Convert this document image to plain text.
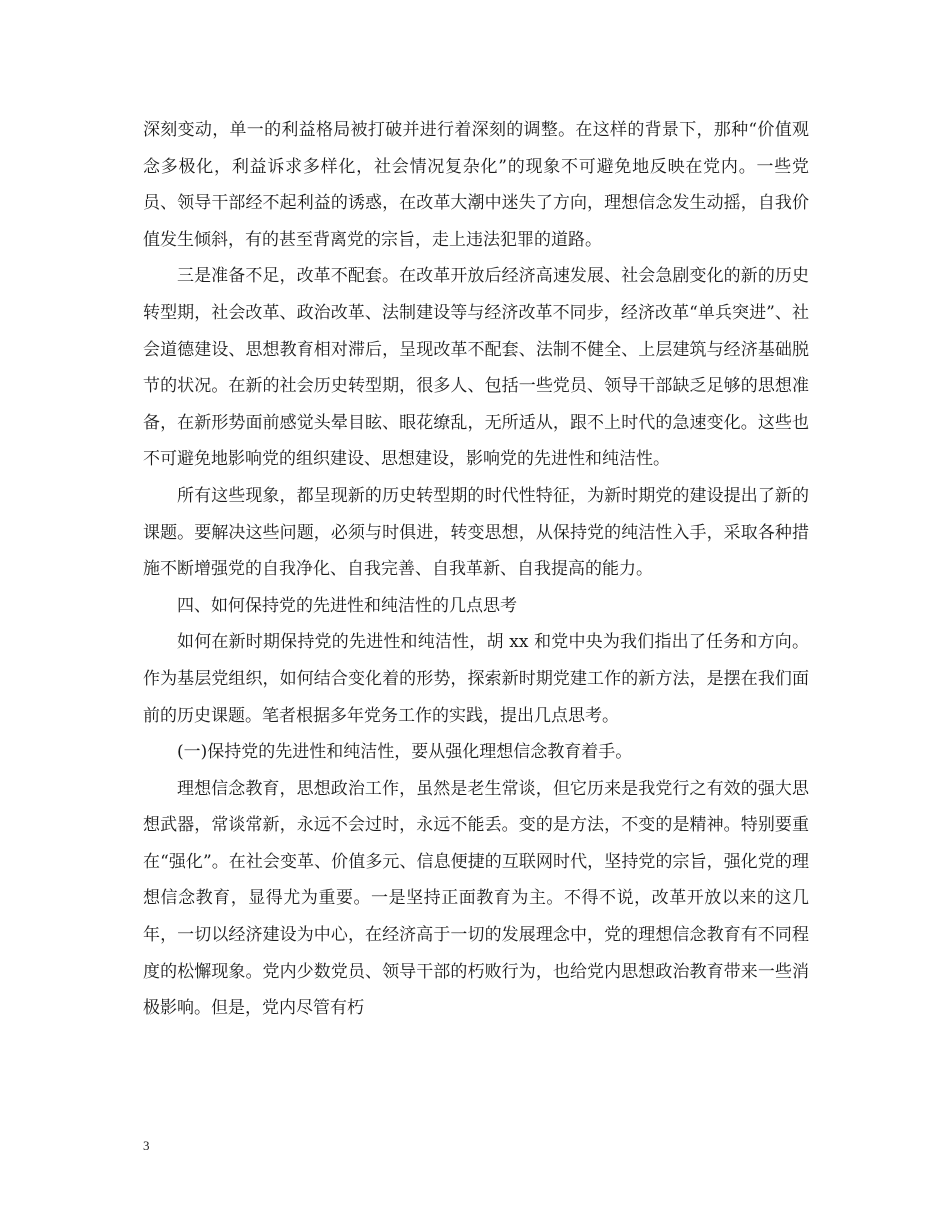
深刻变动，单一的利益格局被打破并进行着深刻的调整。在这样的背景下，那种“价值观念多极化，利益诉求多样化，社会情况复杂化”的现象不可避免地反映在党内。一些党员、领导干部经不起利益的诱惑，在改革大潮中迷失了方向，理想信念发生动摇，自我价值发生倾斜，有的甚至背离党的宗旨，走上违法犯罪的道路。

三是准备不足，改革不配套。在改革开放后经济高速发展、社会急剧变化的新的历史转型期，社会改革、政治改革、法制建设等与经济改革不同步，经济改革“单兵突进”、社会道德建设、思想教育相对滞后，呈现改革不配套、法制不健全、上层建筑与经济基础脱节的状况。在新的社会历史转型期，很多人、包括一些党员、领导干部缺乏足够的思想准备，在新形势面前感觉头晕目眩、眼花缭乱，无所适从，跟不上时代的急速变化。这些也不可避免地影响党的组织建设、思想建设，影响党的先进性和纯洁性。

所有这些现象，都呈现新的历史转型期的时代性特征，为新时期党的建设提出了新的课题。要解决这些问题，必须与时俱进，转变思想，从保持党的纯洁性入手，采取各种措施不断增强党的自我净化、自我完善、自我革新、自我提高的能力。

四、如何保持党的先进性和纯洁性的几点思考

如何在新时期保持党的先进性和纯洁性，胡 xx 和党中央为我们指出了任务和方向。作为基层党组织，如何结合变化着的形势，探索新时期党建工作的新方法，是摆在我们面前的历史课题。笔者根据多年党务工作的实践，提出几点思考。

(一)保持党的先进性和纯洁性，要从强化理想信念教育着手。

理想信念教育，思想政治工作，虽然是老生常谈，但它历来是我党行之有效的强大思想武器，常谈常新，永远不会过时，永远不能丢。变的是方法，不变的是精神。特别要重在“强化”。在社会变革、价值多元、信息便捷的互联网时代，坚持党的宗旨，强化党的理想信念教育，显得尤为重要。一是坚持正面教育为主。不得不说，改革开放以来的这几年，一切以经济建设为中心，在经济高于一切的发展理念中，党的理想信念教育有不同程度的松懈现象。党内少数党员、领导干部的朽败行为，也给党内思想政治教育带来一些消极影响。但是，党内尽管有朽

3
